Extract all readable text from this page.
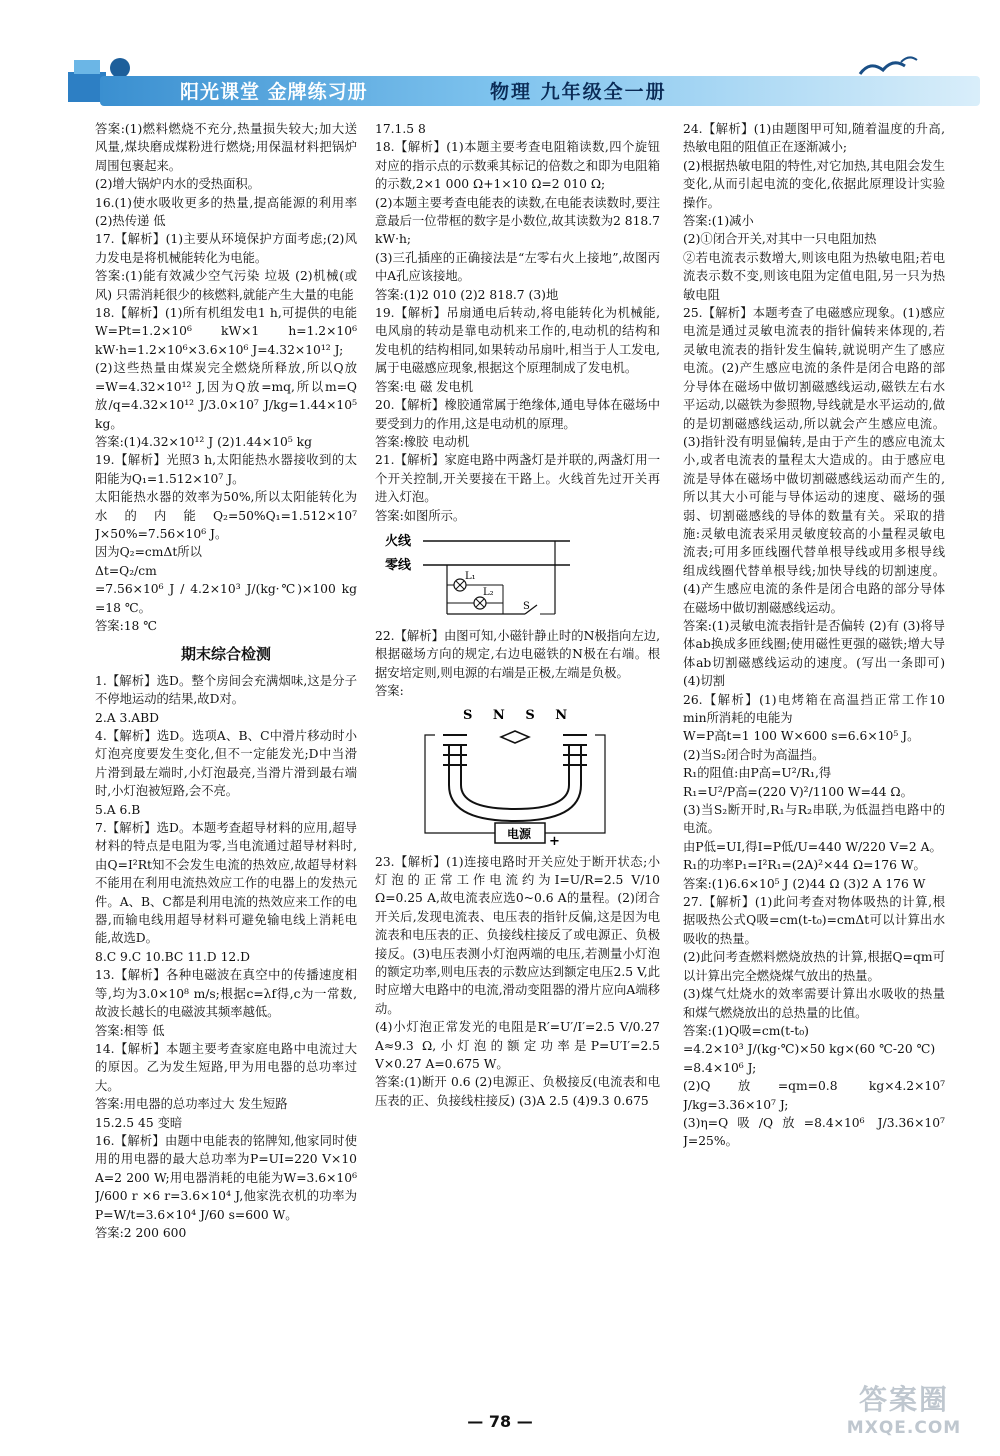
阳光课堂 金牌练习册	物理 九年级全一册

答案:(1)燃料燃烧不充分,热量损失较大;加大送风量,煤块磨成煤粉进行燃烧;用保温材料把锅炉周围包裹起来。

(2)增大锅炉内水的受热面积。

16.(1)使水吸收更多的热量,提高能源的利用率 (2)热传递 低

17.【解析】(1)主要从环境保护方面考虑;(2)风力发电是将机械能转化为电能。

答案:(1)能有效减少空气污染 垃圾 (2)机械(或风) 只需消耗很少的核燃料,就能产生大量的电能

18.【解析】(1)所有机组发电1 h,可提供的电能W=Pt=1.2×10⁶ kW×1 h=1.2×10⁶ kW·h=1.2×10⁶×3.6×10⁶ J=4.32×10¹² J;

(2)这些热量由煤炭完全燃烧所释放,所以Q放=W=4.32×10¹² J,因为Q放=mq,所以m=Q放/q=4.32×10¹² J/3.0×10⁷ J/kg=1.44×10⁵ kg。

答案:(1)4.32×10¹² J (2)1.44×10⁵ kg

19.【解析】光照3 h,太阳能热水器接收到的太阳能为Q₁=1.512×10⁷ J。

太阳能热水器的效率为50%,所以太阳能转化为水的内能Q₂=50%Q₁=1.512×10⁷ J×50%=7.56×10⁶ J。

因为Q₂=cmΔt所以

Δt=Q₂/cm

=7.56×10⁶ J / 4.2×10³ J/(kg·℃)×100 kg =18 ℃。

答案:18 ℃

期末综合检测

1.【解析】选D。整个房间会充满烟味,这是分子不停地运动的结果,故D对。

2.A 3.ABD

4.【解析】选D。选项A、B、C中滑片移动时小灯泡亮度要发生变化,但不一定能发光;D中当滑片滑到最左端时,小灯泡最亮,当滑片滑到最右端时,小灯泡被短路,会不亮。

5.A 6.B

7.【解析】选D。本题考查超导材料的应用,超导材料的特点是电阻为零,当电流通过超导材料时,由Q=I²Rt知不会发生电流的热效应,故超导材料不能用在利用电流热效应工作的电器上的发热元件。A、B、C都是利用电流的热效应来工作的电器,而输电线用超导材料可避免输电线上消耗电能,故选D。

8.C 9.C 10.BC 11.D 12.D

13.【解析】各种电磁波在真空中的传播速度相等,均为3.0×10⁸ m/s;根据c=λf得,c为一常数,故波长越长的电磁波其频率越低。

答案:相等 低

14.【解析】本题主要考查家庭电路中电流过大的原因。乙为发生短路,甲为用电器的总功率过大。

答案:用电器的总功率过大 发生短路

15.2.5 45 变暗

16.【解析】由题中电能表的铭牌知,他家同时使用的用电器的最大总功率为P=UI=220 V×10 A=2 200 W;用电器消耗的电能为W=3.6×10⁶ J/600 r ×6 r=3.6×10⁴ J,他家洗衣机的功率为P=W/t=3.6×10⁴ J/60 s=600 W。

答案:2 200 600

17.1.5 8

18.【解析】(1)本题主要考查电阻箱读数,四个旋钮对应的指示点的示数乘其标记的倍数之和即为电阻箱的示数,2×1 000 Ω+1×10 Ω=2 010 Ω;

(2)本题主要考查电能表的读数,在电能表读数时,要注意最后一位带框的数字是小数位,故其读数为2 818.7 kW·h;

(3)三孔插座的正确接法是“左零右火上接地”,故图丙中A孔应该接地。

答案:(1)2 010 (2)2 818.7 (3)地

19.【解析】吊扇通电后转动,将电能转化为机械能,电风扇的转动是靠电动机来工作的,电动机的结构和发电机的结构相同,如果转动吊扇叶,相当于人工发电,属于电磁感应现象,根据这个原理制成了发电机。

答案:电 磁 发电机

20.【解析】橡胶通常属于绝缘体,通电导体在磁场中要受到力的作用,这是电动机的原理。

答案:橡胶 电动机

21.【解析】家庭电路中两盏灯是并联的,两盏灯用一个开关控制,开关要接在干路上。火线首先过开关再进入灯泡。

答案:如图所示。

火线
零线
L₁
L₂
S

22.【解析】由图可知,小磁针静止时的N极指向左边,根据磁场方向的规定,右边电磁铁的N极在右端。根据安培定则,则电源的右端是正极,左端是负极。

答案:

S N S N
电源 +

23.【解析】(1)连接电路时开关应处于断开状态;小灯泡的正常工作电流约为I=U/R=2.5 V/10 Ω=0.25 A,故电流表应选0~0.6 A的量程。(2)闭合开关后,发现电流表、电压表的指针反偏,这是因为电流表和电压表的正、负接线柱接反了或电源正、负极接反。(3)电压表测小灯泡两端的电压,若测量小灯泡的额定功率,则电压表的示数应达到额定电压2.5 V,此时应增大电路中的电流,滑动变阻器的滑片应向A端移动。

(4)小灯泡正常发光的电阻是R′=U′/I′=2.5 V/0.27 A≈9.3 Ω,小灯泡的额定功率是P=U′I′=2.5 V×0.27 A=0.675 W。

答案:(1)断开 0.6 (2)电源正、负极接反(电流表和电压表的正、负接线柱接反) (3)A 2.5 (4)9.3 0.675

24.【解析】(1)由题图甲可知,随着温度的升高,热敏电阻的阻值正在逐渐减小;

(2)根据热敏电阻的特性,对它加热,其电阻会发生变化,从而引起电流的变化,依据此原理设计实验操作。

答案:(1)减小

(2)①闭合开关,对其中一只电阻加热

②若电流表示数增大,则该电阻为热敏电阻;若电流表示数不变,则该电阻为定值电阻,另一只为热敏电阻

25.【解析】本题考查了电磁感应现象。(1)感应电流是通过灵敏电流表的指针偏转来体现的,若灵敏电流表的指针发生偏转,就说明产生了感应电流。(2)产生感应电流的条件是闭合电路的部分导体在磁场中做切割磁感线运动,磁铁左右水平运动,以磁铁为参照物,导线就是水平运动的,做的是切割磁感线运动,所以就会产生感应电流。(3)指针没有明显偏转,是由于产生的感应电流太小,或者电流表的量程太大造成的。由于感应电流是导体在磁场中做切割磁感线运动而产生的,所以其大小可能与导体运动的速度、磁场的强弱、切割磁感线的导体的数量有关。采取的措施:灵敏电流表采用灵敏度较高的小量程灵敏电流表;可用多匝线圈代替单根导线或用多根导线组成线圈代替单根导线;加快导线的切割速度。(4)产生感应电流的条件是闭合电路的部分导体在磁场中做切割磁感线运动。

答案:(1)灵敏电流表指针是否偏转 (2)有 (3)将导体ab换成多匝线圈;使用磁性更强的磁铁;增大导体ab切割磁感线运动的速度。(写出一条即可) (4)切割

26.【解析】(1)电烤箱在高温挡正常工作10 min所消耗的电能为

W=P高t=1 100 W×600 s=6.6×10⁵ J。

(2)当S₂闭合时为高温挡。

R₁的阻值:由P高=U²/R₁,得

R₁=U²/P高=(220 V)²/1100 W=44 Ω。

(3)当S₂断开时,R₁与R₂串联,为低温挡电路中的电流。

由P低=UI,得I=P低/U=440 W/220 V=2 A。

R₁的功率P₁=I²R₁=(2A)²×44 Ω=176 W。

答案:(1)6.6×10⁵ J (2)44 Ω (3)2 A 176 W

27.【解析】(1)此问考查对物体吸热的计算,根据吸热公式Q吸=cm(t-t₀)=cmΔt可以计算出水吸收的热量。

(2)此问考查燃料燃烧放热的计算,根据Q=qm可以计算出完全燃烧煤气放出的热量。

(3)煤气灶烧水的效率需要计算出水吸收的热量和煤气燃烧放出的总热量的比值。

答案:(1)Q吸=cm(t-t₀)

=4.2×10³ J/(kg·℃)×50 kg×(60 ℃-20 ℃)

=8.4×10⁶ J;

(2)Q放=qm=0.8 kg×4.2×10⁷ J/kg=3.36×10⁷ J;

(3)η=Q吸/Q放=8.4×10⁶ J/3.36×10⁷ J=25%。

— 78 —
答案圈
MXQE.COM
